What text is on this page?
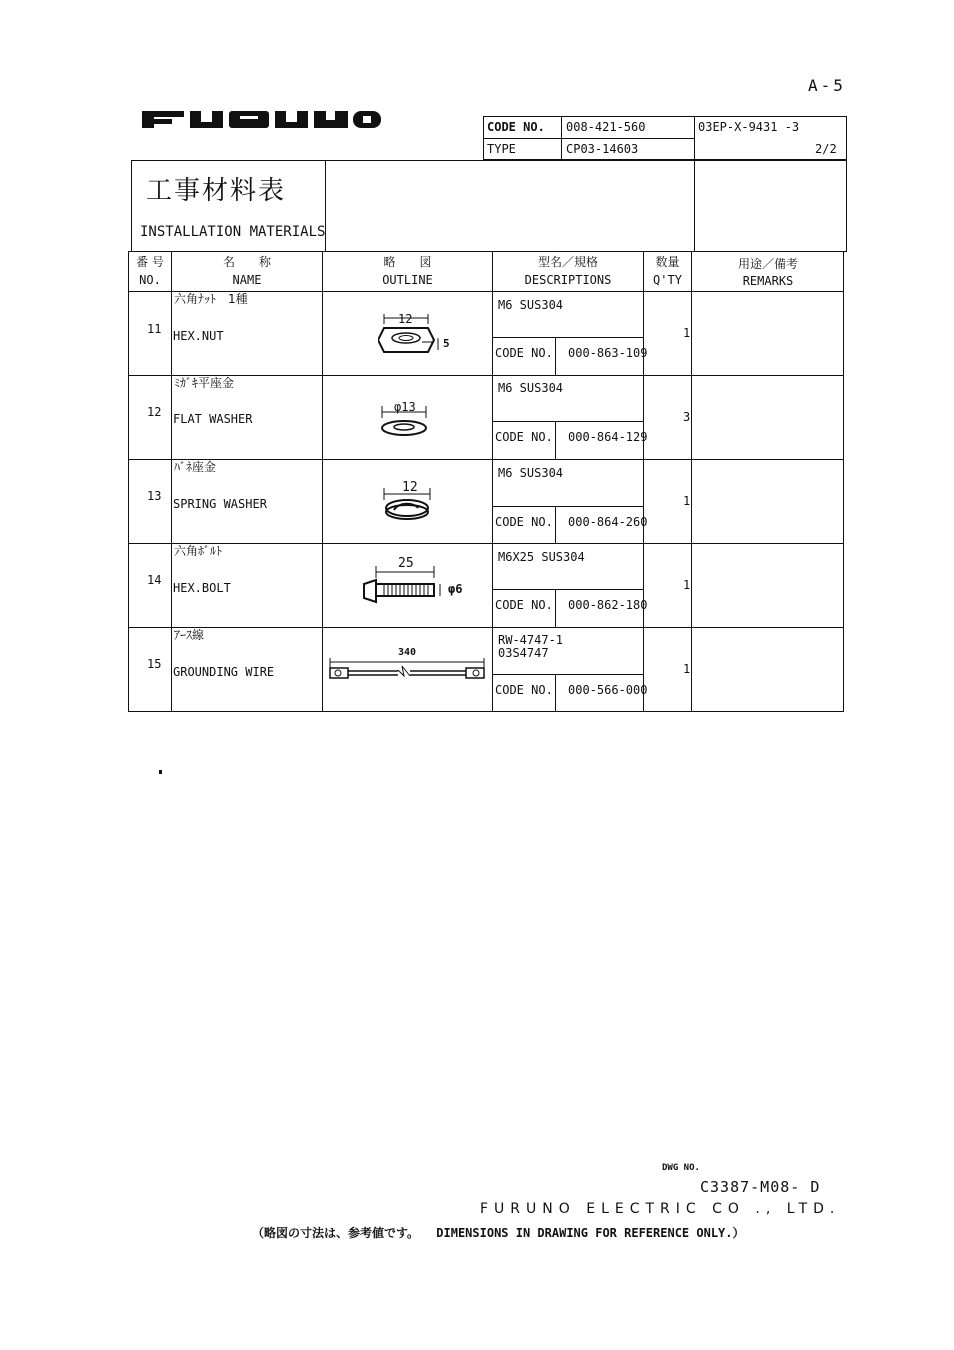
A-5
CODE NO. 008-421-560
TYPE	CP03-14603
03EP-X-9431 -3
2/2
工事材料表
INSTALLATION MATERIALS
番 号
NO.
名　　称
NAME
略　　図
OUTLINE
型名／規格
DESCRIPTIONS
数量
Q'TY
用途／備考
REMARKS
11
六角ﾅｯﾄ　1種
HEX.NUT
M6 SUS304
CODE NO. 000-863-109
1
12
5
12
ﾐｶﾞｷ平座金
FLAT WASHER
M6 SUS304
CODE NO. 000-864-129
3
φ13
13
ﾊﾞﾈ座金
SPRING WASHER
M6 SUS304
CODE NO. 000-864-260
1
12
14
六角ﾎﾞﾙﾄ
HEX.BOLT
M6X25 SUS304
CODE NO. 000-862-180
1
25
φ6
15
ｱｰｽ線
GROUNDING WIRE
RW-4747-1
03S4747
CODE NO. 000-566-000
1
340
DWG NO.
C3387-M08- D
FURUNO ELECTRIC CO ., LTD.
（略図の寸法は、参考値です。 DIMENSIONS IN DRAWING FOR REFERENCE ONLY.）
